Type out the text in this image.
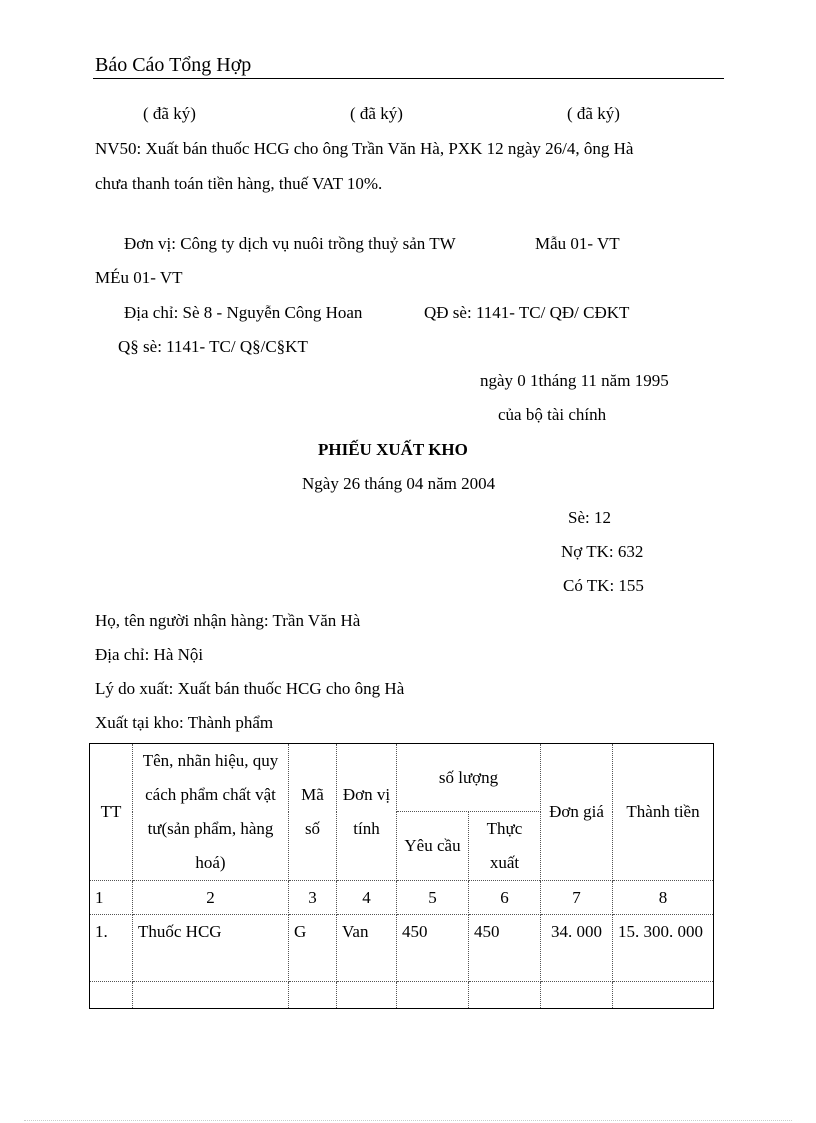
Báo Cáo Tổng Hợp
( đã ký)	( đã ký)	( đã ký)
NV50: Xuất bán thuốc HCG cho ông Trần Văn Hà, PXK 12 ngày 26/4, ông Hà
chưa thanh toán tiền hàng, thuế VAT 10%.
Đơn vị: Công ty dịch vụ nuôi trồng thuỷ sản TW	Mẫu 01- VT
MÉu 01- VT
Địa chỉ: Sè 8 - Nguyễn Công Hoan	QĐ sè: 1141- TC/ QĐ/ CĐKT
Q§ sè: 1141- TC/ Q§/C§KT
ngày 0 1tháng 11 năm 1995
của bộ tài chính
PHIẾU XUẤT KHO
Ngày 26 tháng 04 năm 2004
Sè: 12
Nợ TK: 632
Có TK: 155
Họ, tên người nhận hàng: Trần Văn Hà
Địa chỉ: Hà Nội
Lý do xuất: Xuất bán thuốc HCG cho ông Hà
Xuất tại kho: Thành phẩm
TT	Tên, nhãn hiệu, quy cách phẩm chất vật tư(sản phẩm, hàng hoá)	Mã số	Đơn vị tính	số lượng		Đơn giá	Thành tiền
				Yêu cầu	Thực xuất		
1	2	3	4	5	6	7	8
1.	Thuốc HCG	G	Van	450	450	34. 000	15. 300. 000
